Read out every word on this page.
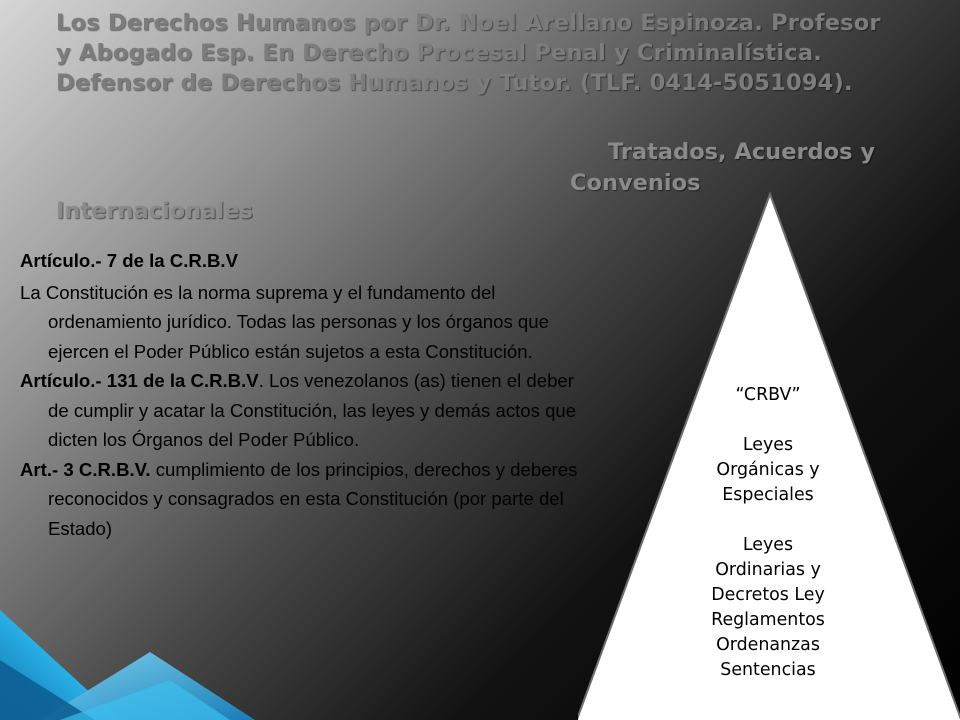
Los Derechos Humanos por Dr. Noel Arellano Espinoza. Profesor
y Abogado Esp. En Derecho Procesal Penal y Criminalística.
Defensor de Derechos Humanos y Tutor. (TLF. 0414-5051094).
Tratados, Acuerdos y
Convenios
Internacionales

Artículo.- 7 de la C.R.B.V

La Constitución es la norma suprema y el fundamento del ordenamiento jurídico. Todas las personas y los órganos que ejercen el Poder Público están sujetos a esta Constitución.

Artículo.- 131 de la C.R.B.V. Los venezolanos (as) tienen el deber de cumplir y acatar la Constitución, las leyes y demás actos que dicten los Órganos del Poder Público.

Art.- 3 C.R.B.V. cumplimiento de los principios, derechos y deberes reconocidos y consagrados en esta Constitución (por parte del Estado)

“CRBV”
Leyes
Orgánicas y
Especiales
Leyes
Ordinarias y
Decretos Ley
Reglamentos
Ordenanzas
Sentencias
